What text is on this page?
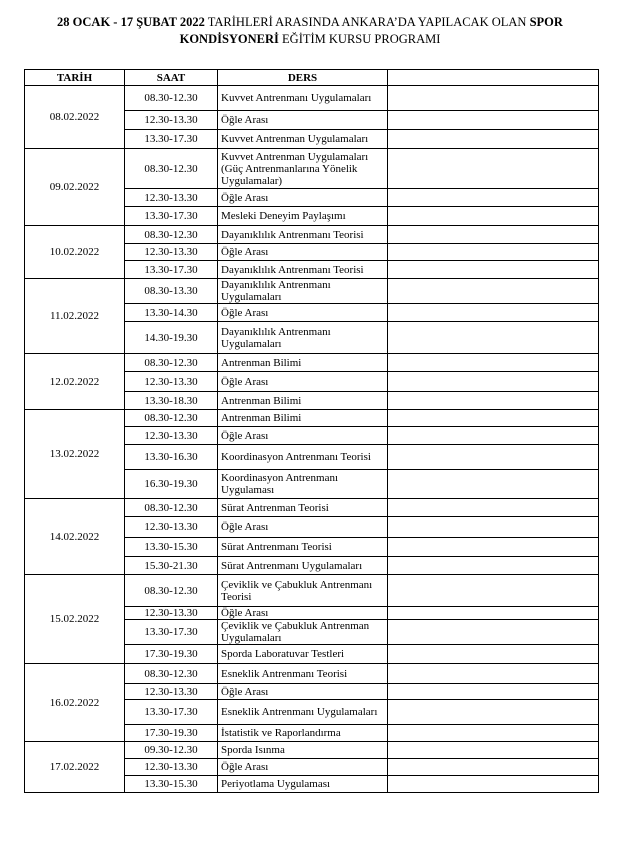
28 OCAK - 17 ŞUBAT 2022 TARİHLERİ ARASINDA ANKARA’DA YAPILACAK OLAN SPOR KONDİSYONERİ EĞİTİM KURSU PROGRAMI
TARİH	SAAT	DERS	
08.02.2022	08.30-12.30	Kuvvet Antrenmanı Uygulamaları	
	12.30-13.30	Öğle Arası	
	13.30-17.30	Kuvvet Antrenman Uygulamaları	
09.02.2022	08.30-12.30	Kuvvet Antrenman Uygulamaları (Güç Antrenmanlarına Yönelik Uygulamalar)	
	12.30-13.30	Öğle Arası	
	13.30-17.30	Mesleki Deneyim Paylaşımı	
10.02.2022	08.30-12.30	Dayanıklılık Antrenmanı Teorisi	
	12.30-13.30	Öğle Arası	
	13.30-17.30	Dayanıklılık Antrenmanı Teorisi	
11.02.2022	08.30-13.30	Dayanıklılık Antrenmanı Uygulamaları	
	13.30-14.30	Öğle Arası	
	14.30-19.30	Dayanıklılık Antrenmanı Uygulamaları	
12.02.2022	08.30-12.30	Antrenman Bilimi	
	12.30-13.30	Öğle Arası	
	13.30-18.30	Antrenman Bilimi	
13.02.2022	08.30-12.30	Antrenman Bilimi	
	12.30-13.30	Öğle Arası	
	13.30-16.30	Koordinasyon Antrenmanı Teorisi	
	16.30-19.30	Koordinasyon Antrenmanı Uygulaması	
14.02.2022	08.30-12.30	Sürat Antrenman Teorisi	
	12.30-13.30	Öğle Arası	
	13.30-15.30	Sürat Antrenmanı Teorisi	
	15.30-21.30	Sürat Antrenmanı Uygulamaları	
15.02.2022	08.30-12.30	Çeviklik ve Çabukluk Antrenmanı Teorisi	
	12.30-13.30	Öğle Arası	
	13.30-17.30	Çeviklik ve Çabukluk Antrenman Uygulamaları	
	17.30-19.30	Sporda Laboratuvar Testleri	
16.02.2022	08.30-12.30	Esneklik Antrenmanı Teorisi	
	12.30-13.30	Öğle Arası	
	13.30-17.30	Esneklik Antrenmanı Uygulamaları	
	17.30-19.30	İstatistik ve Raporlandırma	
17.02.2022	09.30-12.30	Sporda Isınma	
	12.30-13.30	Öğle Arası	
	13.30-15.30	Periyotlama Uygulaması	
